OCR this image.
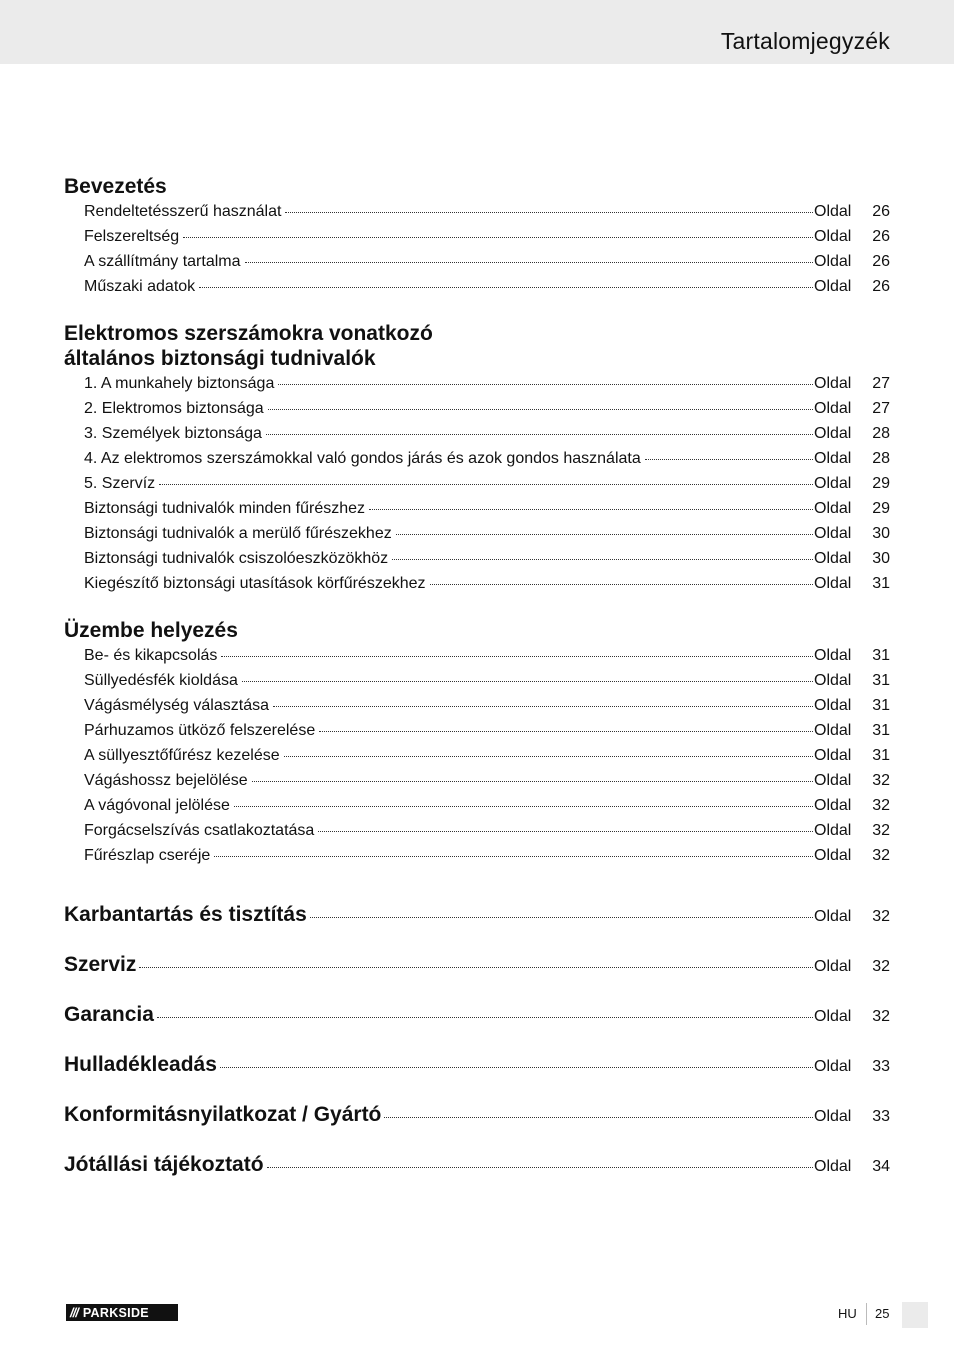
Tartalomjegyzék
Bevezetés
Rendeltetésszerű használat	Oldal	26
Felszereltség	Oldal	26
A szállítmány tartalma	Oldal	26
Műszaki adatok	Oldal	26
Elektromos szerszámokra vonatkozó
általános biztonsági tudnivalók
1. A munkahely biztonsága	Oldal	27
2. Elektromos biztonsága	Oldal	27
3. Személyek biztonsága	Oldal	28
4. Az elektromos szerszámokkal való gondos járás és azok gondos használata	Oldal	28
5. Szervíz	Oldal	29
Biztonsági tudnivalók minden fűrészhez	Oldal	29
Biztonsági tudnivalók a merülő fűrészekhez	Oldal	30
Biztonsági tudnivalók csiszolóeszközökhöz	Oldal	30
Kiegészítő biztonsági utasítások körfűrészekhez	Oldal	31
Üzembe helyezés
Be- és kikapcsolás	Oldal	31
Süllyedésfék kioldása	Oldal	31
Vágásmélység választása	Oldal	31
Párhuzamos ütköző felszerelése	Oldal	31
A süllyesztőfűrész kezelése	Oldal	31
Vágáshossz bejelölése	Oldal	32
A vágóvonal jelölése	Oldal	32
Forgácselszívás csatlakoztatása	Oldal	32
Fűrészlap cseréje	Oldal	32
Karbantartás és tisztítás	Oldal	32
Szerviz	Oldal	32
Garancia	Oldal	32
Hulladékleadás	Oldal	33
Konformitásnyilatkozat / Gyártó	Oldal	33
Jótállási tájékoztató	Oldal	34
/// PARKSIDE	HU 25
